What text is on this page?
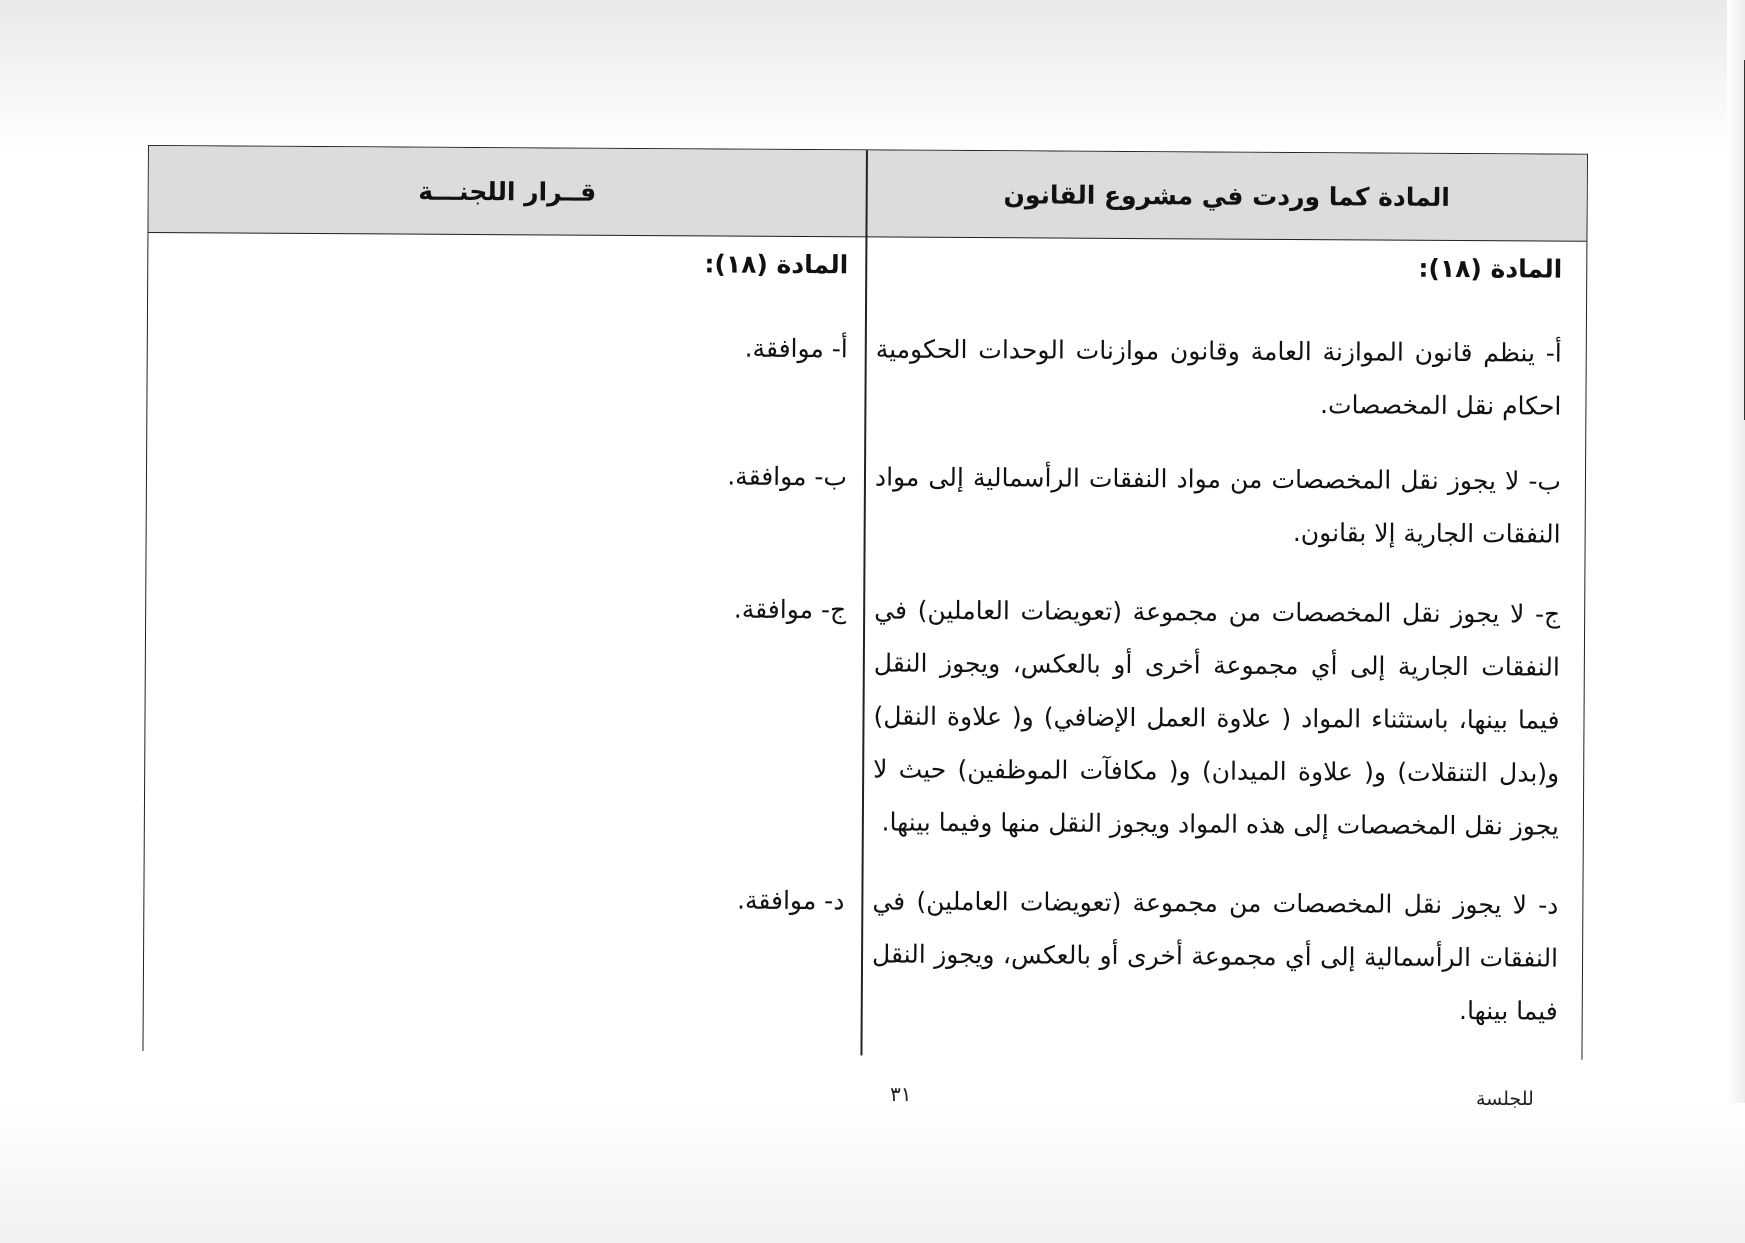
المادة كما وردت في مشروع القانون
قــرار اللجنـــة
المادة (١٨):
أ- ينظم قانون الموازنة العامة وقانون موازنات الوحدات الحكومية احكام نقل المخصصات.
ب- لا يجوز نقل المخصصات من مواد النفقات الرأسمالية إلى مواد النفقات الجارية إلا بقانون.
ج- لا يجوز نقل المخصصات من مجموعة (تعويضات العاملين) في النفقات الجارية إلى أي مجموعة أخرى أو بالعكس، ويجوز النقل فيما بينها، باستثناء المواد ( علاوة العمل الإضافي) و( علاوة النقل) و(بدل التنقلات) و( علاوة الميدان) و( مكافآت الموظفين) حيث لا يجوز نقل المخصصات إلى هذه المواد ويجوز النقل منها وفيما بينها.
د- لا يجوز نقل المخصصات من مجموعة (تعويضات العاملين) في النفقات الرأسمالية إلى أي مجموعة أخرى أو بالعكس، ويجوز النقل فيما بينها.
المادة (١٨):
أ- موافقة.
ب- موافقة.
ج- موافقة.
د- موافقة.
للجلسة
٣١
